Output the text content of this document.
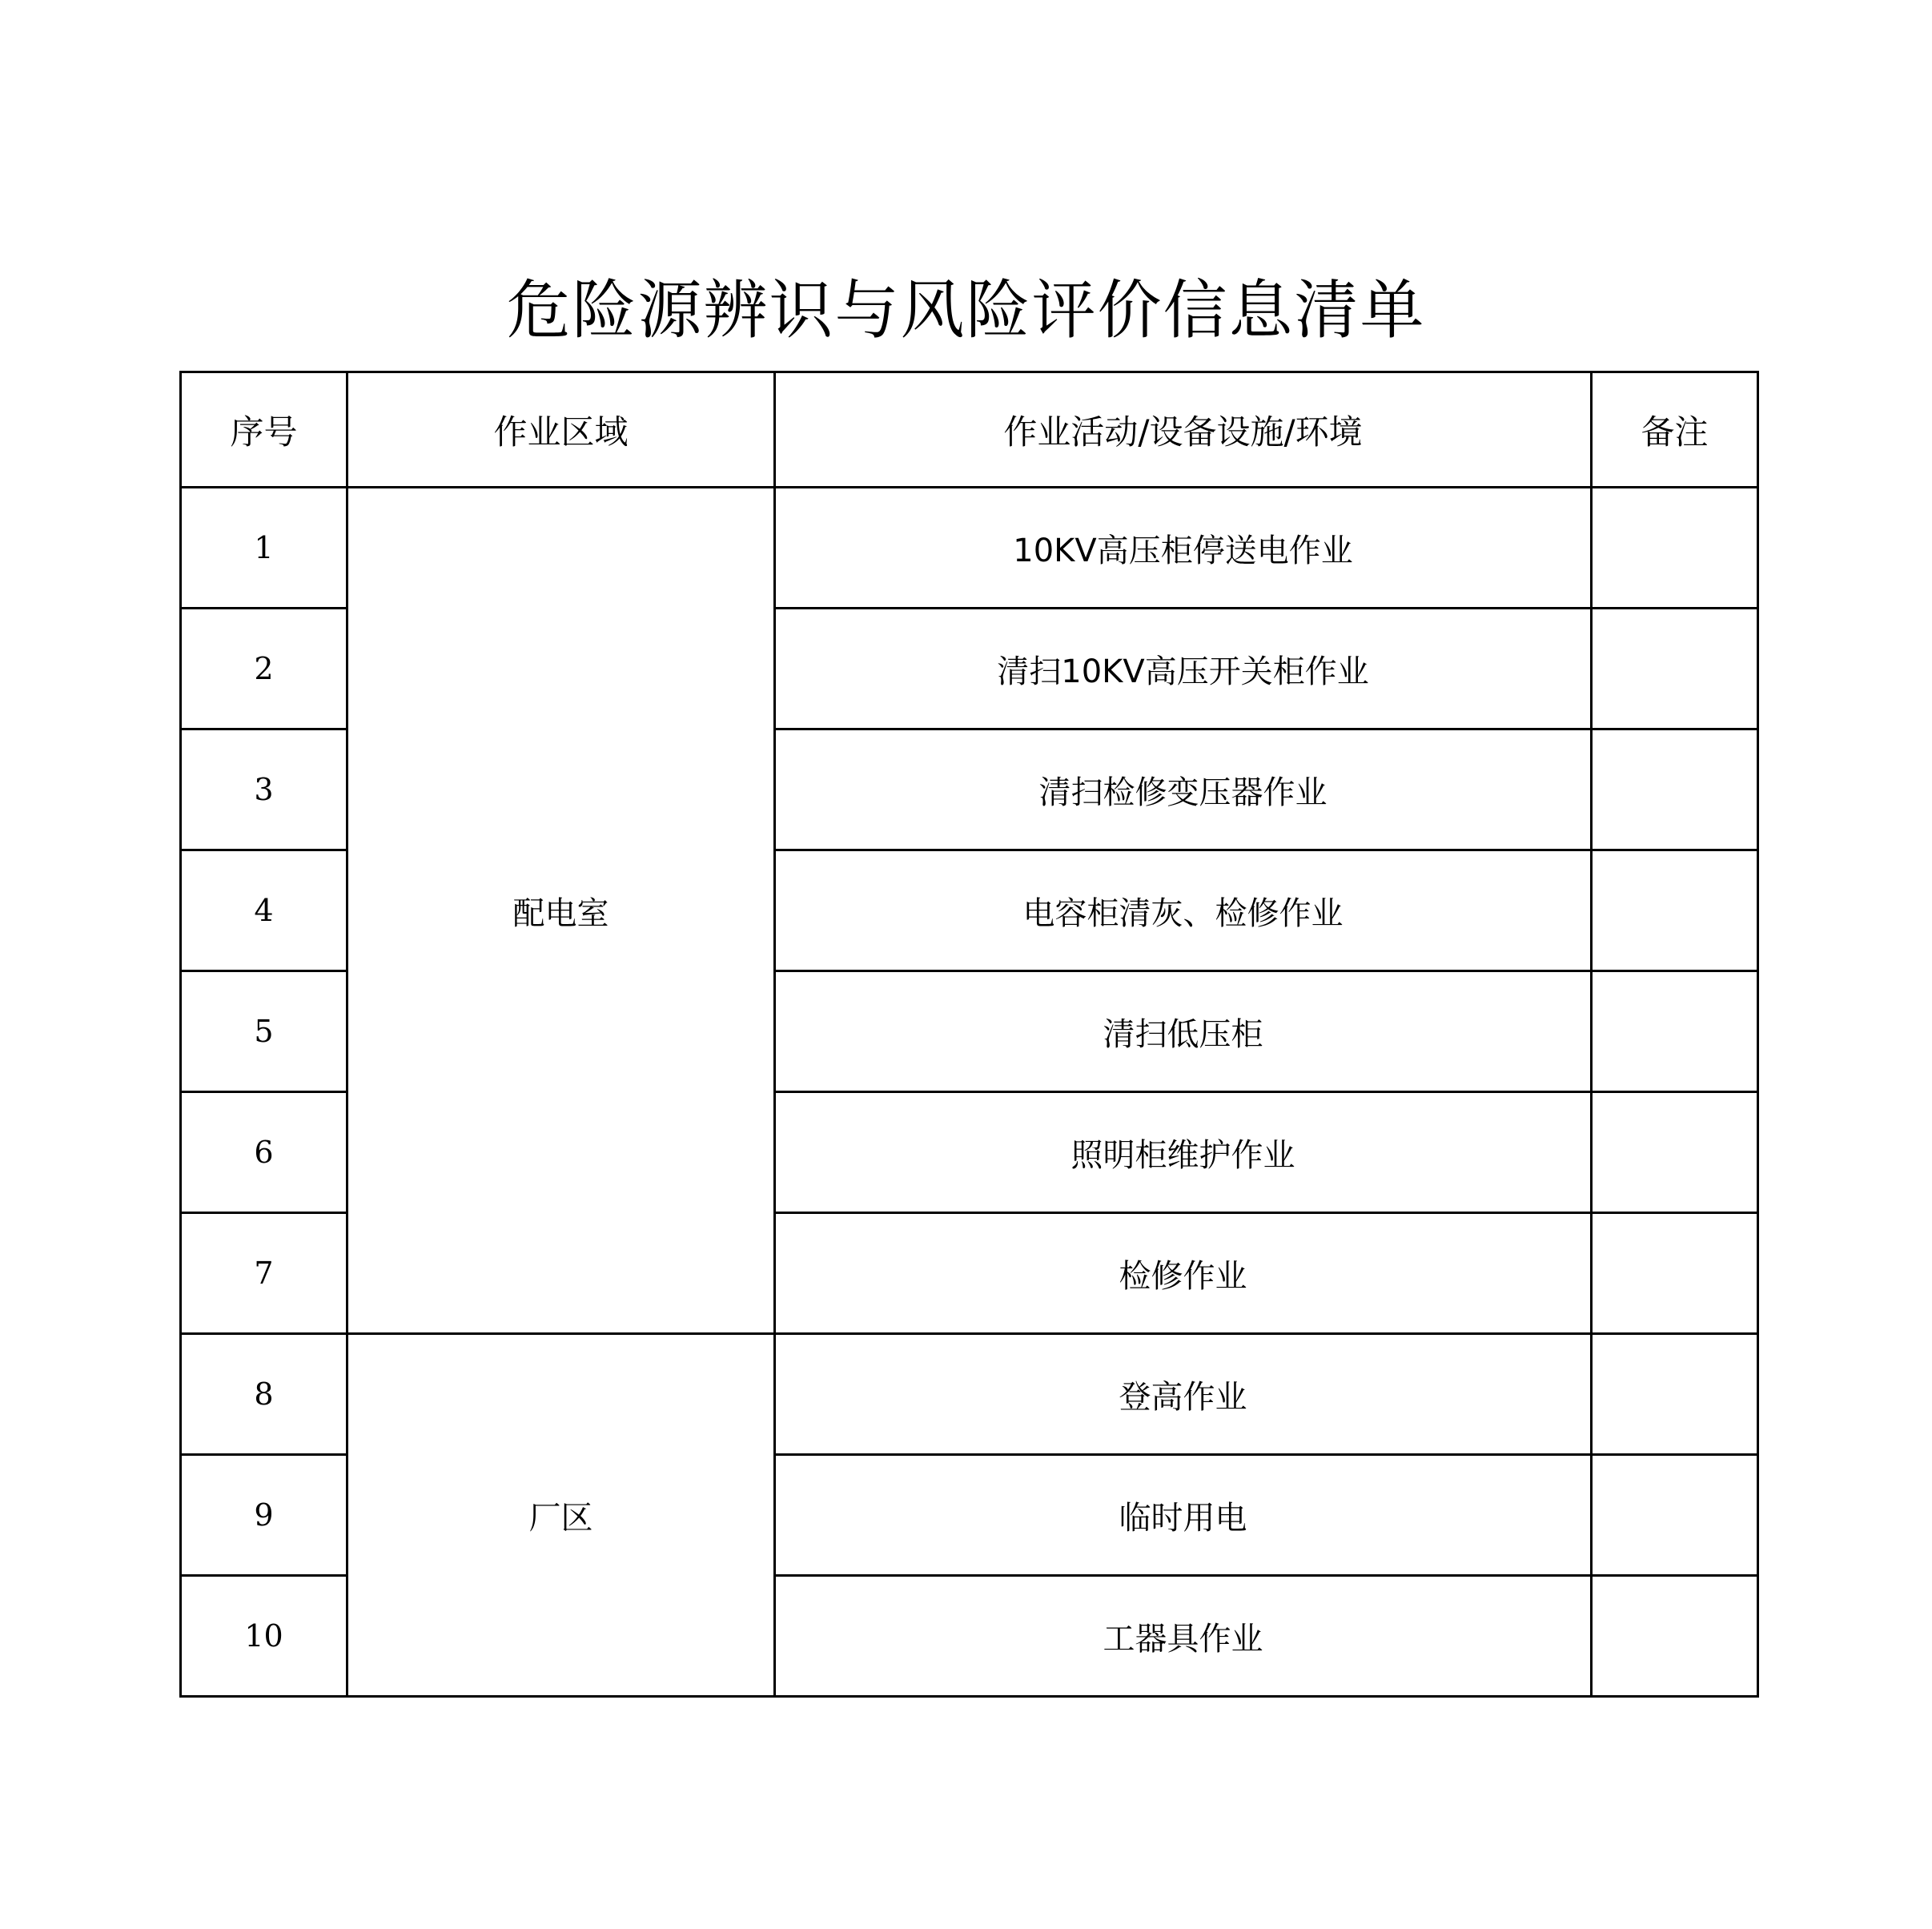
危险源辨识与风险评价信息清单
序号	作业区域	作业活动/设备设施/环境	备注
1	配电室	10KV高压柜停送电作业	
2		清扫10KV高压开关柜作业	
3		清扫检修变压器作业	
4		电容柜清灰、检修作业	
5		清扫低压柜	
6		照明柜维护作业	
7		检修作业	
8	厂区	登高作业	
9		临时用电	
10		工器具作业	
